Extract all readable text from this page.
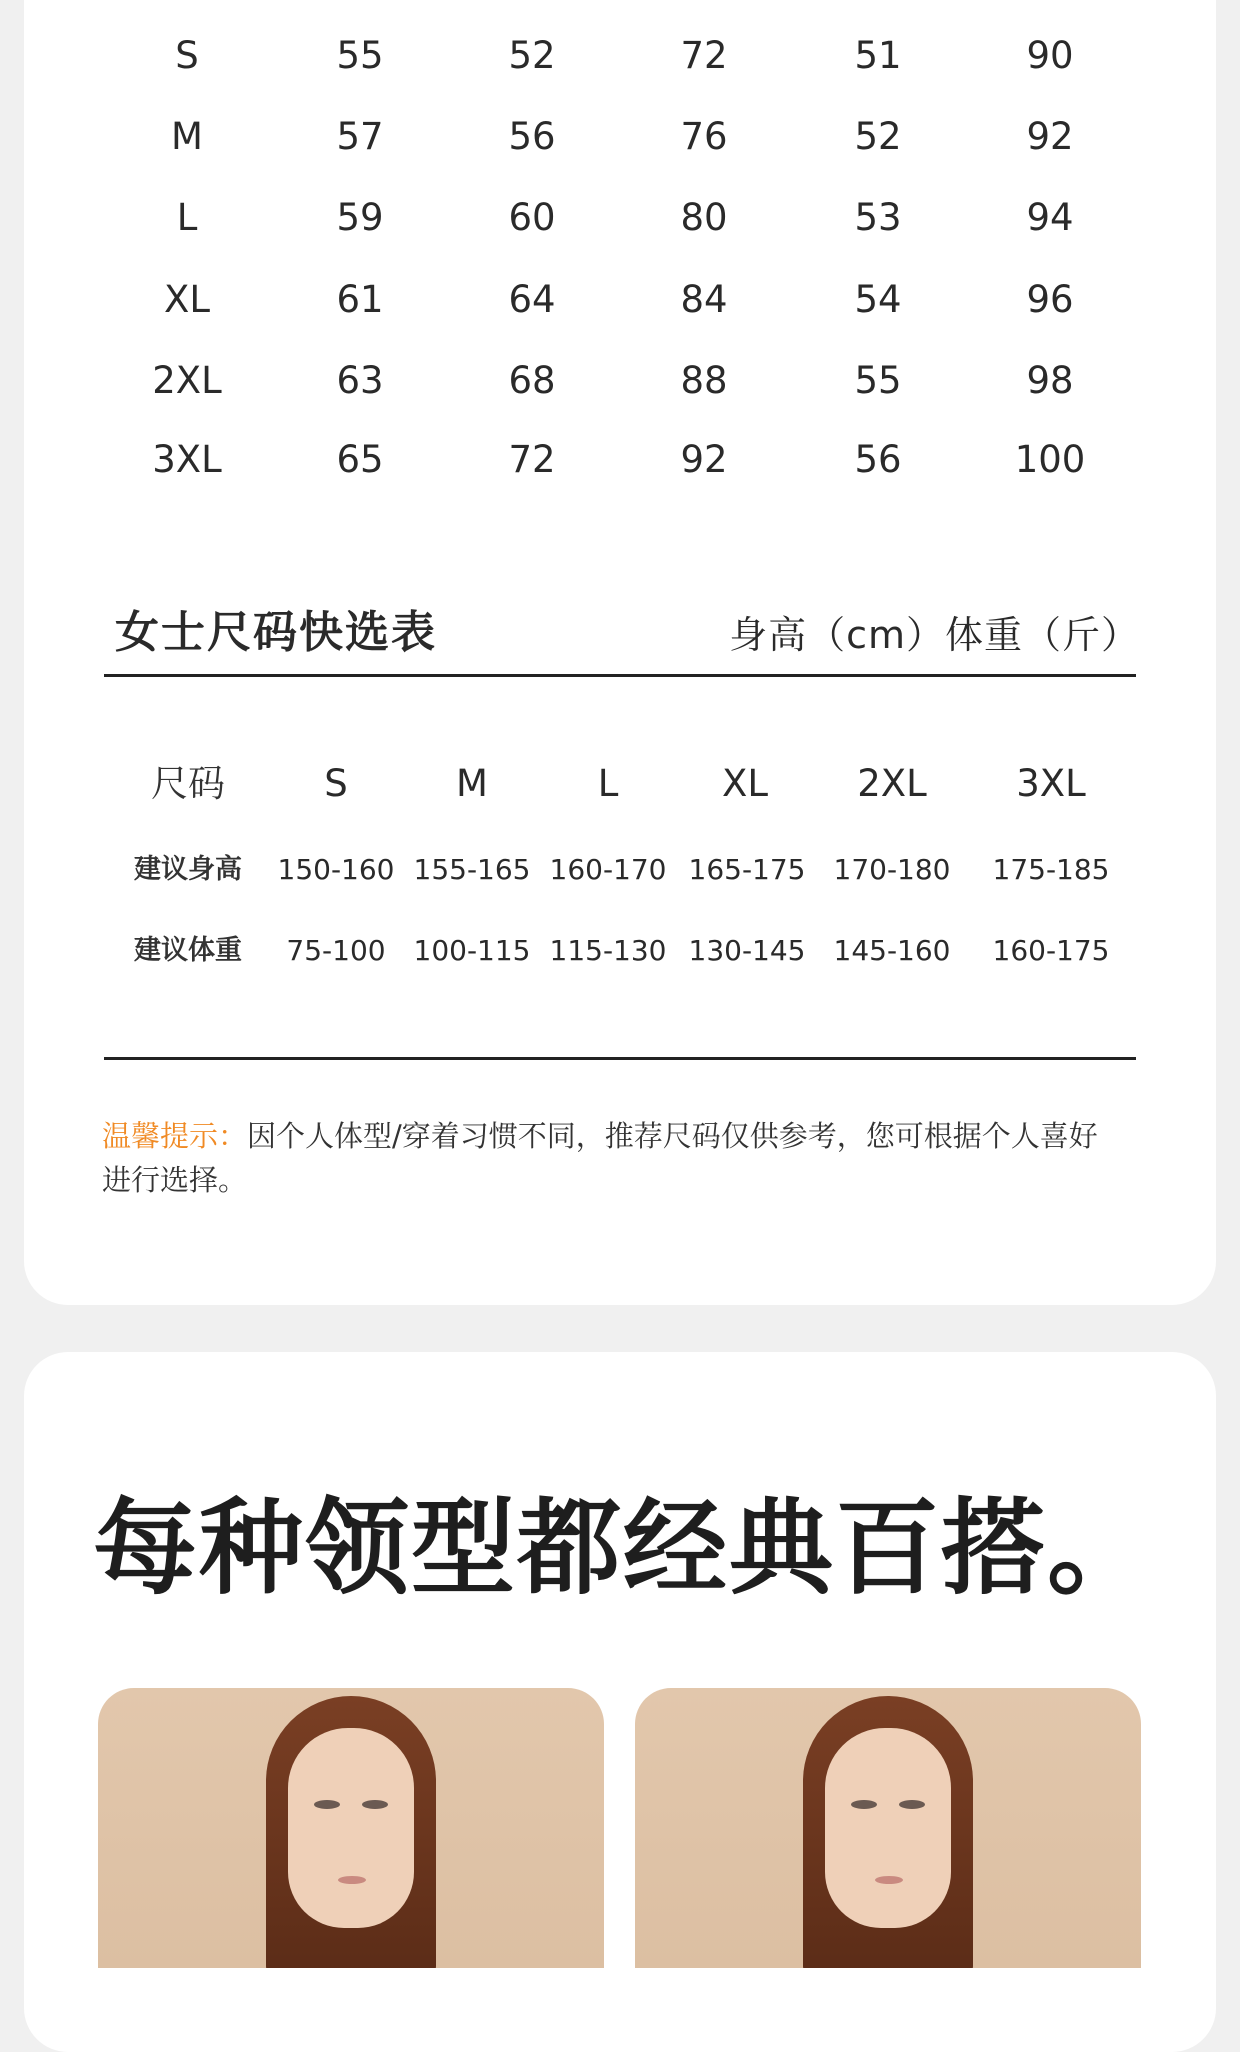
S	55	52	72	51	90
M	57	56	76	52	92
L	59	60	80	53	94
XL	61	64	84	54	96
2XL	63	68	88	55	98
3XL	65	72	92	56	100
女士尺码快选表	身高（cm）体重（斤）
尺码	S	M	L	XL	2XL	3XL
建议身高	150-160 155-165 160-170 165-175	170-180	175-185
建议体重	75-100 100-115 115-130 130-145	145-160	160-175
温馨提示：因个人体型/穿着习惯不同，推荐尺码仅供参考，您可根据个人喜好进行选择。
每种领型都经典百搭。
